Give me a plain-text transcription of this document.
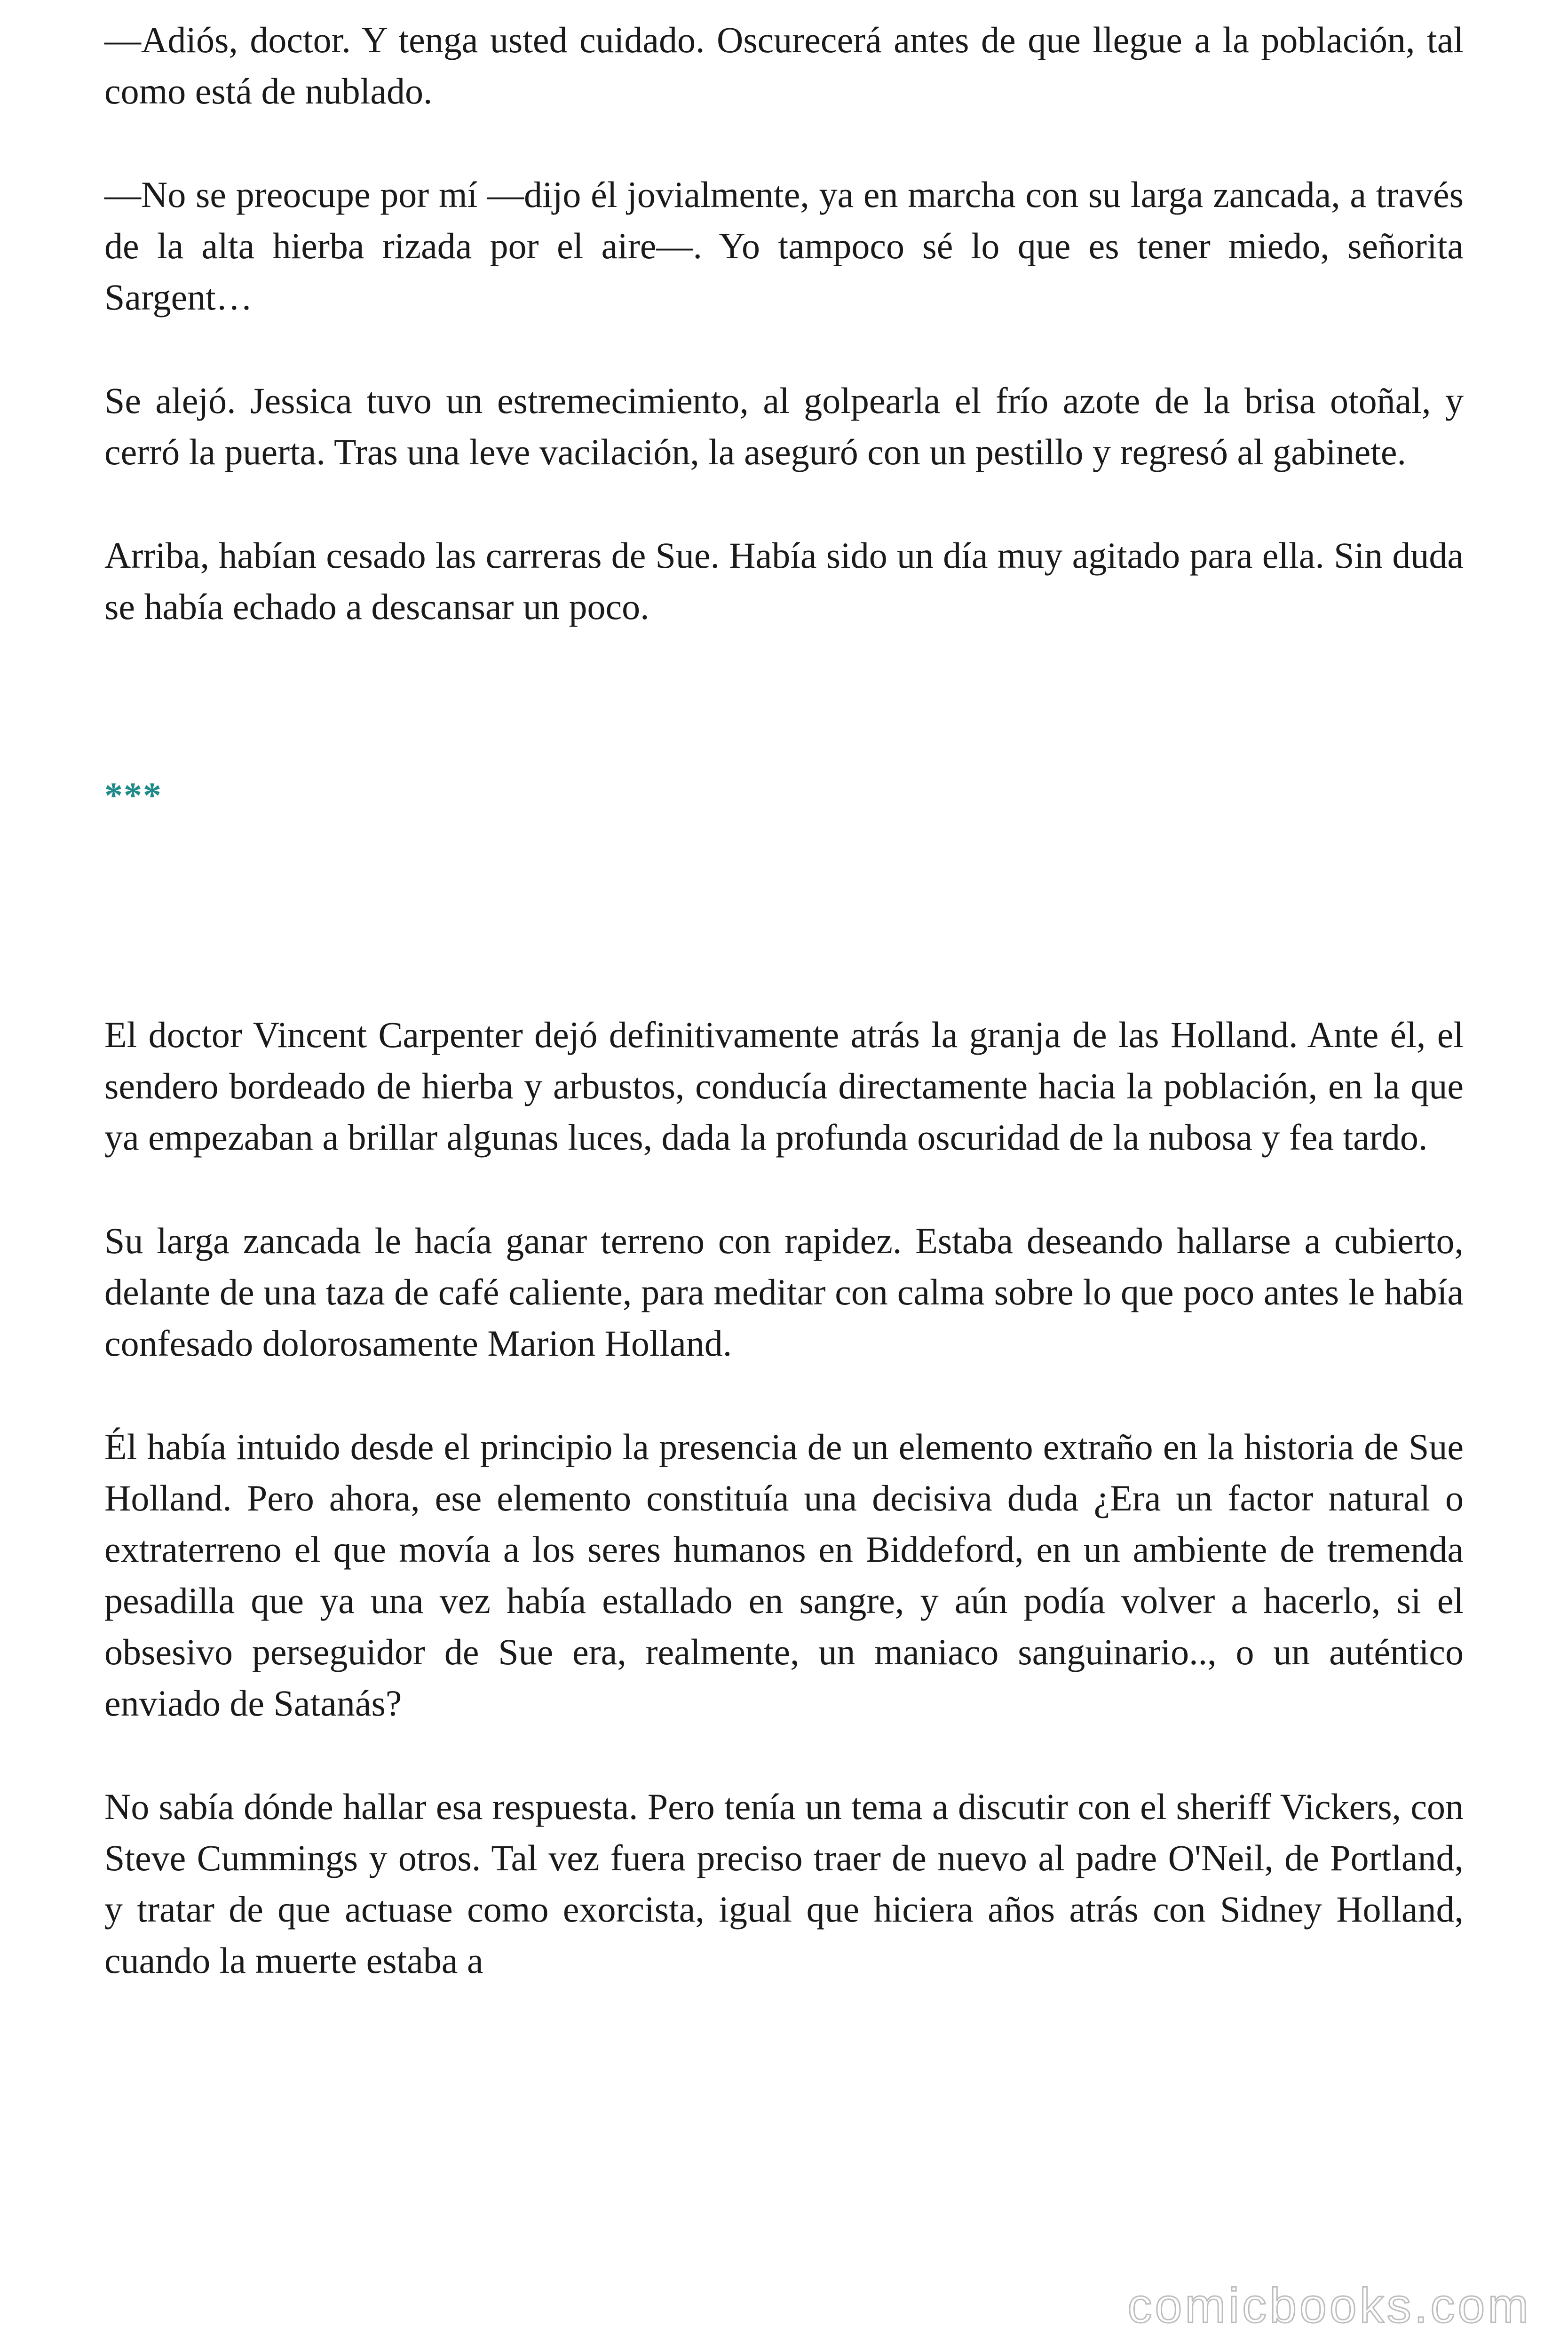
—Adiós, doctor. Y tenga usted cuidado. Oscurecerá antes de que llegue a la población, tal como está de nublado.

—No se preocupe por mí —dijo él jovialmente, ya en marcha con su larga zancada, a través de la alta hierba rizada por el aire—. Yo tampoco sé lo que es tener miedo, señorita Sargent…

Se alejó. Jessica tuvo un estremecimiento, al golpearla el frío azote de la brisa otoñal, y cerró la puerta. Tras una leve vacilación, la aseguró con un pestillo y regresó al gabinete.

Arriba, habían cesado las carreras de Sue. Había sido un día muy agitado para ella. Sin duda se había echado a descansar un poco.

***

El doctor Vincent Carpenter dejó definitivamente atrás la granja de las Holland. Ante él, el sendero bordeado de hierba y arbustos, conducía directamente hacia la población, en la que ya empezaban a brillar algunas luces, dada la profunda oscuridad de la nubosa y fea tardo.

Su larga zancada le hacía ganar terreno con rapidez. Estaba deseando hallarse a cubierto, delante de una taza de café caliente, para meditar con calma sobre lo que poco antes le había confesado dolorosamente Marion Holland.

Él había intuido desde el principio la presencia de un elemento extraño en la historia de Sue Holland. Pero ahora, ese elemento constituía una decisiva duda ¿Era un factor natural o extraterreno el que movía a los seres humanos en Biddeford, en un ambiente de tremenda pesadilla que ya una vez había estallado en sangre, y aún podía volver a hacerlo, si el obsesivo perseguidor de Sue era, realmente, un maniaco sanguinario.., o un auténtico enviado de Satanás?

No sabía dónde hallar esa respuesta. Pero tenía un tema a discutir con el sheriff Vickers, con Steve Cummings y otros. Tal vez fuera preciso traer de nuevo al padre O'Neil, de Portland, y tratar de que actuase como exorcista, igual que hiciera años atrás con Sidney Holland, cuando la muerte estaba a

comicbooks.com
